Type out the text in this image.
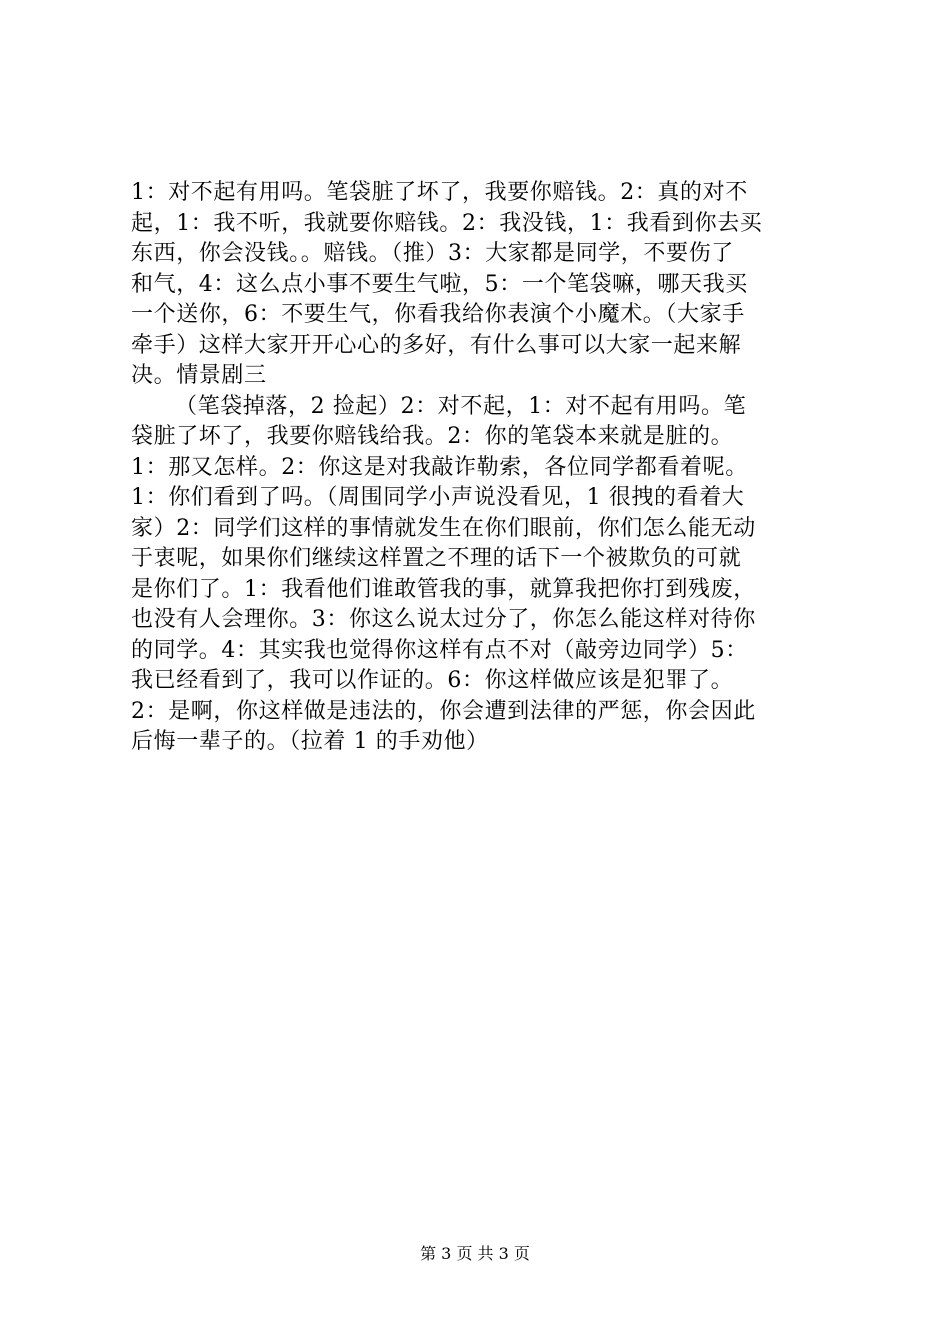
1：对不起有用吗。笔袋脏了坏了，我要你赔钱。2：真的对不
起，1：我不听，我就要你赔钱。2：我没钱，1：我看到你去买
东西，你会没钱。。赔钱。（推）3：大家都是同学，不要伤了
和气，4：这么点小事不要生气啦，5：一个笔袋嘛，哪天我买
一个送你，6：不要生气，你看我给你表演个小魔术。（大家手
牵手）这样大家开开心心的多好，有什么事可以大家一起来解
决。情景剧三
（笔袋掉落，2 捡起）2：对不起，1：对不起有用吗。笔
袋脏了坏了，我要你赔钱给我。2：你的笔袋本来就是脏的。
1：那又怎样。2：你这是对我敲诈勒索，各位同学都看着呢。
1：你们看到了吗。（周围同学小声说没看见，1 很拽的看着大
家）2：同学们这样的事情就发生在你们眼前，你们怎么能无动
于衷呢，如果你们继续这样置之不理的话下一个被欺负的可就
是你们了。1：我看他们谁敢管我的事，就算我把你打到残废，
也没有人会理你。3：你这么说太过分了，你怎么能这样对待你
的同学。4：其实我也觉得你这样有点不对（敲旁边同学）5：
我已经看到了，我可以作证的。6：你这样做应该是犯罪了。
2：是啊，你这样做是违法的，你会遭到法律的严惩，你会因此
后悔一辈子的。（拉着 1 的手劝他）
第 3 页 共 3 页
